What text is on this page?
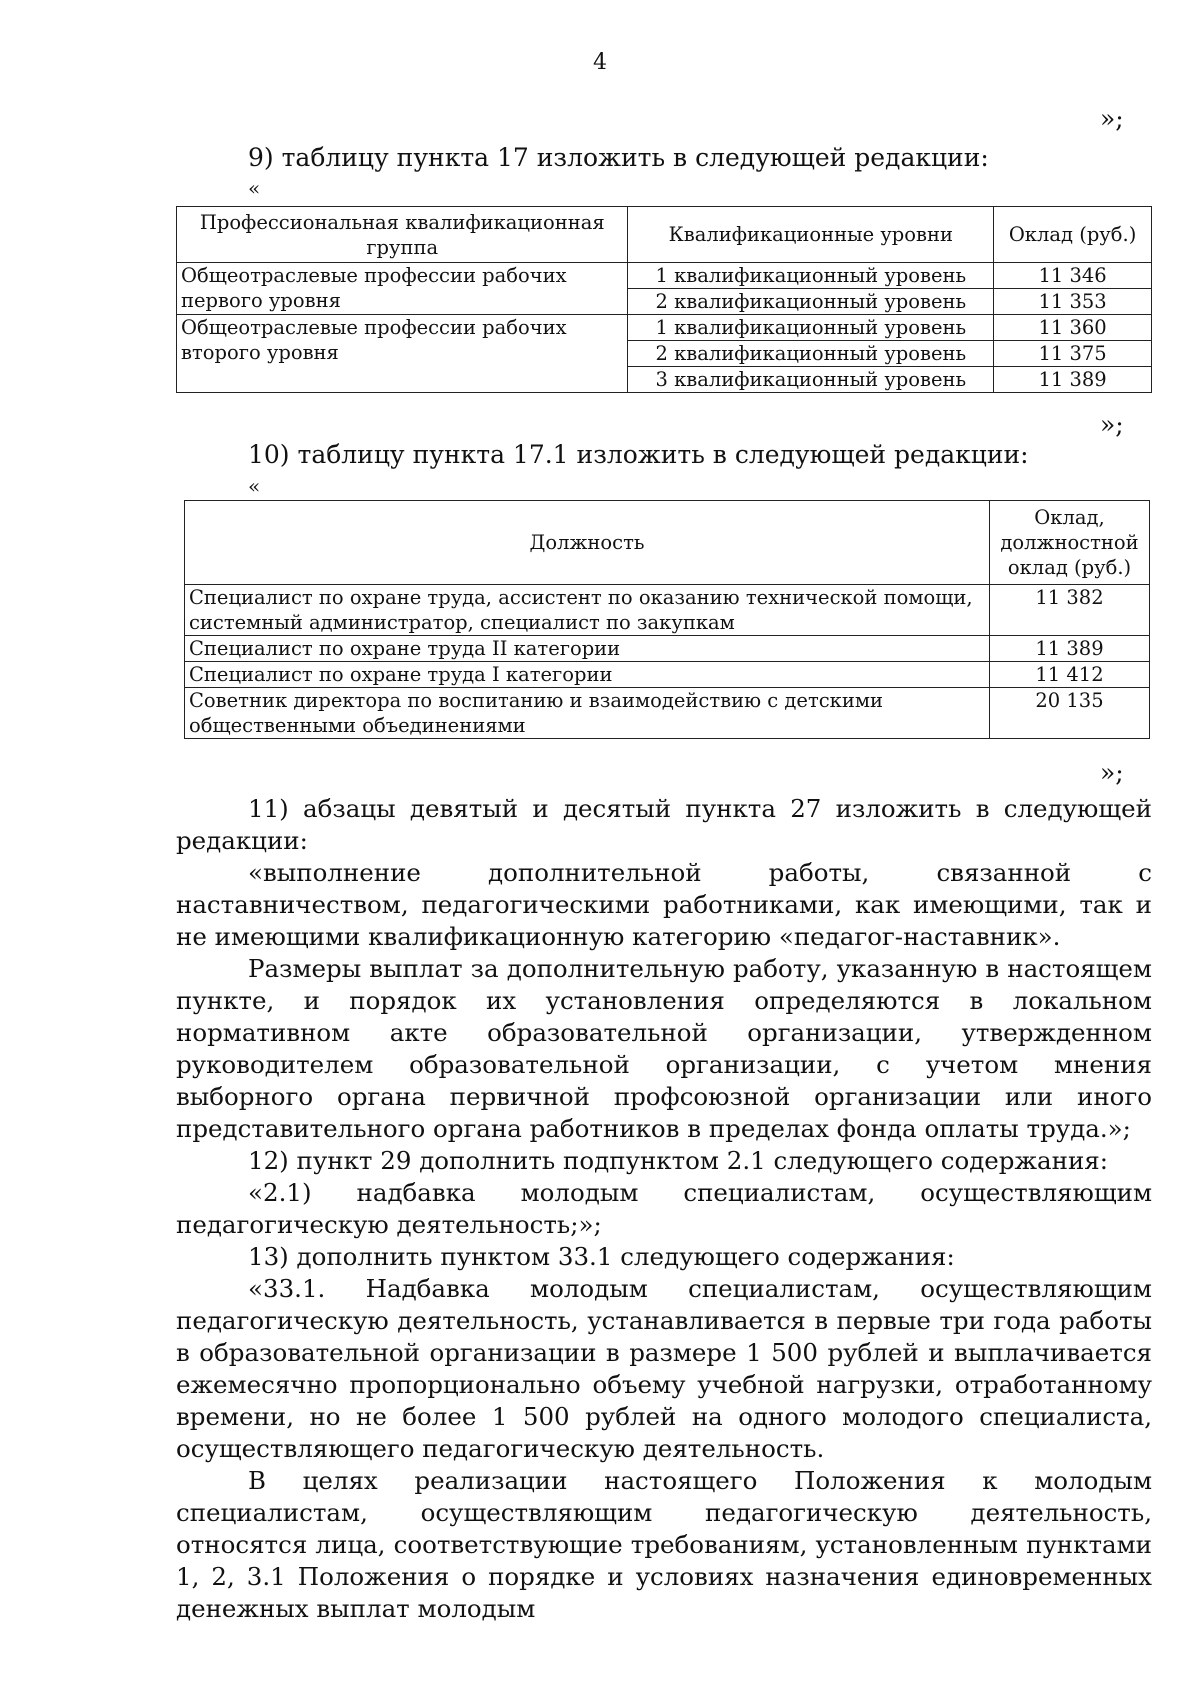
4
»;
9) таблицу пункта 17 изложить в следующей редакции:
«
Профессиональная квалификационная группа	Квалификационные уровни	Оклад (руб.)
Общеотраслевые профессии рабочих первого уровня	1 квалификационный уровень	11 346
	2 квалификационный уровень	11 353
Общеотраслевые профессии рабочих второго уровня	1 квалификационный уровень	11 360
	2 квалификационный уровень	11 375
	3 квалификационный уровень	11 389
»;
10) таблицу пункта 17.1 изложить в следующей редакции:
«
Должность	Оклад, должностной оклад (руб.)
Специалист по охране труда, ассистент по оказанию технической помощи, системный администратор, специалист по закупкам	11 382
Специалист по охране труда II категории	11 389
Специалист по охране труда I категории	11 412
Советник директора по воспитанию и взаимодействию с детскими общественными объединениями	20 135
»;

11) абзацы девятый и десятый пункта 27 изложить в следующей редакции:

«выполнение дополнительной работы, связанной с наставничеством, педагогическими работниками, как имеющими, так и не имеющими квалификационную категорию «педагог-наставник».

Размеры выплат за дополнительную работу, указанную в настоящем пункте, и порядок их установления определяются в локальном нормативном акте образовательной организации, утвержденном руководителем образовательной организации, с учетом мнения выборного органа первичной профсоюзной организации или иного представительного органа работников в пределах фонда оплаты труда.»;

12) пункт 29 дополнить подпунктом 2.1 следующего содержания:

«2.1) надбавка молодым специалистам, осуществляющим педагогическую деятельность;»;

13) дополнить пунктом 33.1 следующего содержания:

«33.1. Надбавка молодым специалистам, осуществляющим педагогическую деятельность, устанавливается в первые три года работы в образовательной организации в размере 1 500 рублей и выплачивается ежемесячно пропорционально объему учебной нагрузки, отработанному времени, но не более 1 500 рублей на одного молодого специалиста, осуществляющего педагогическую деятельность.

В целях реализации настоящего Положения к молодым специалистам, осуществляющим педагогическую деятельность, относятся лица, соответствующие требованиям, установленным пунктами 1, 2, 3.1 Положения о порядке и условиях назначения единовременных денежных выплат молодым
